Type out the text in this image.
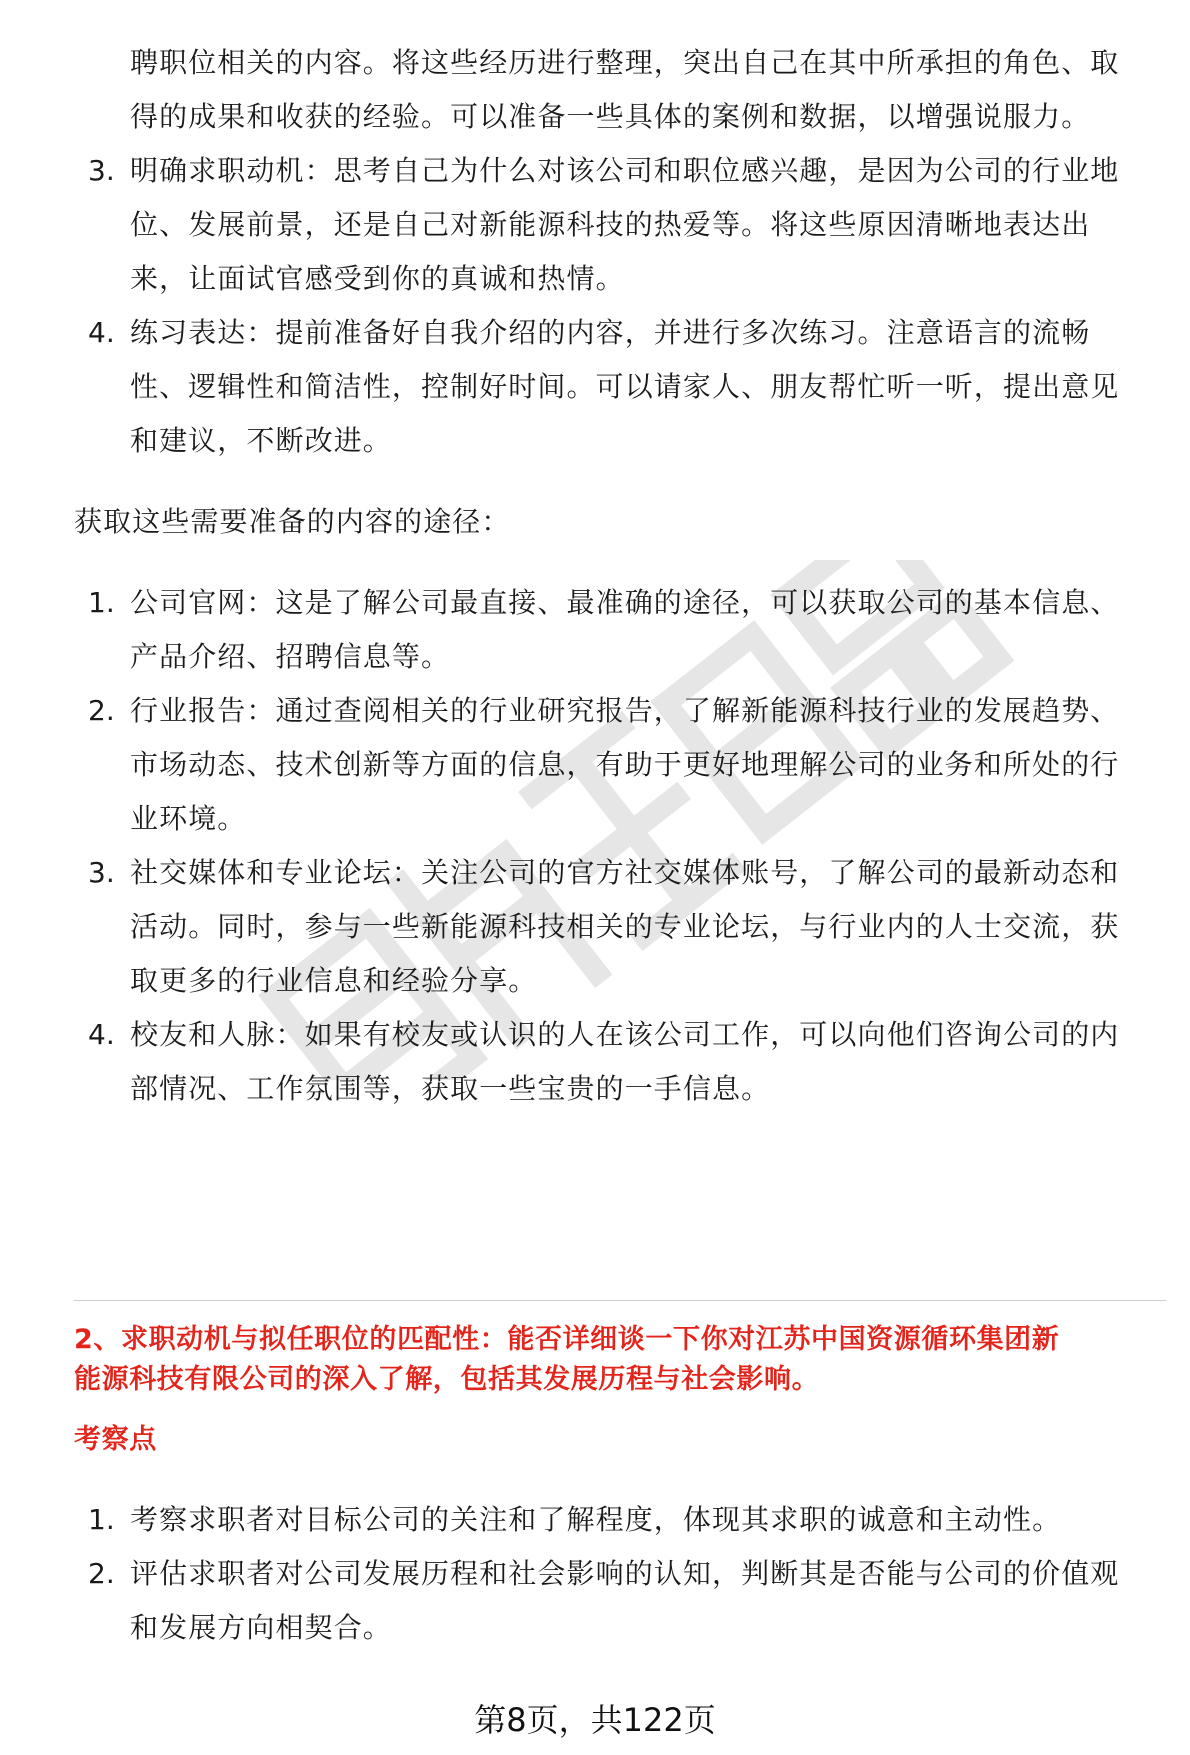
聘职位相关的内容。将这些经历进行整理，突出自己在其中所承担的角色、取
得的成果和收获的经验。可以准备一些具体的案例和数据，以增强说服力。
3. 明确求职动机：思考自己为什么对该公司和职位感兴趣，是因为公司的行业地
位、发展前景，还是自己对新能源科技的热爱等。将这些原因清晰地表达出
来，让面试官感受到你的真诚和热情。
4. 练习表达：提前准备好自我介绍的内容，并进行多次练习。注意语言的流畅
性、逻辑性和简洁性，控制好时间。可以请家人、朋友帮忙听一听，提出意见
和建议，不断改进。
获取这些需要准备的内容的途径：
1. 公司官网：这是了解公司最直接、最准确的途径，可以获取公司的基本信息、
产品介绍、招聘信息等。
2. 行业报告：通过查阅相关的行业研究报告，了解新能源科技行业的发展趋势、
市场动态、技术创新等方面的信息，有助于更好地理解公司的业务和所处的行
业环境。
3. 社交媒体和专业论坛：关注公司的官方社交媒体账号，了解公司的最新动态和
活动。同时，参与一些新能源科技相关的专业论坛，与行业内的人士交流，获
取更多的行业信息和经验分享。
4. 校友和人脉：如果有校友或认识的人在该公司工作，可以向他们咨询公司的内
部情况、工作氛围等，获取一些宝贵的一手信息。
2、求职动机与拟任职位的匹配性：能否详细谈一下你对江苏中国资源循环集团新
能源科技有限公司的深入了解，包括其发展历程与社会影响。
考察点
1. 考察求职者对目标公司的关注和了解程度，体现其求职的诚意和主动性。
2. 评估求职者对公司发展历程和社会影响的认知，判断其是否能与公司的价值观
和发展方向相契合。
第8页，共122页
